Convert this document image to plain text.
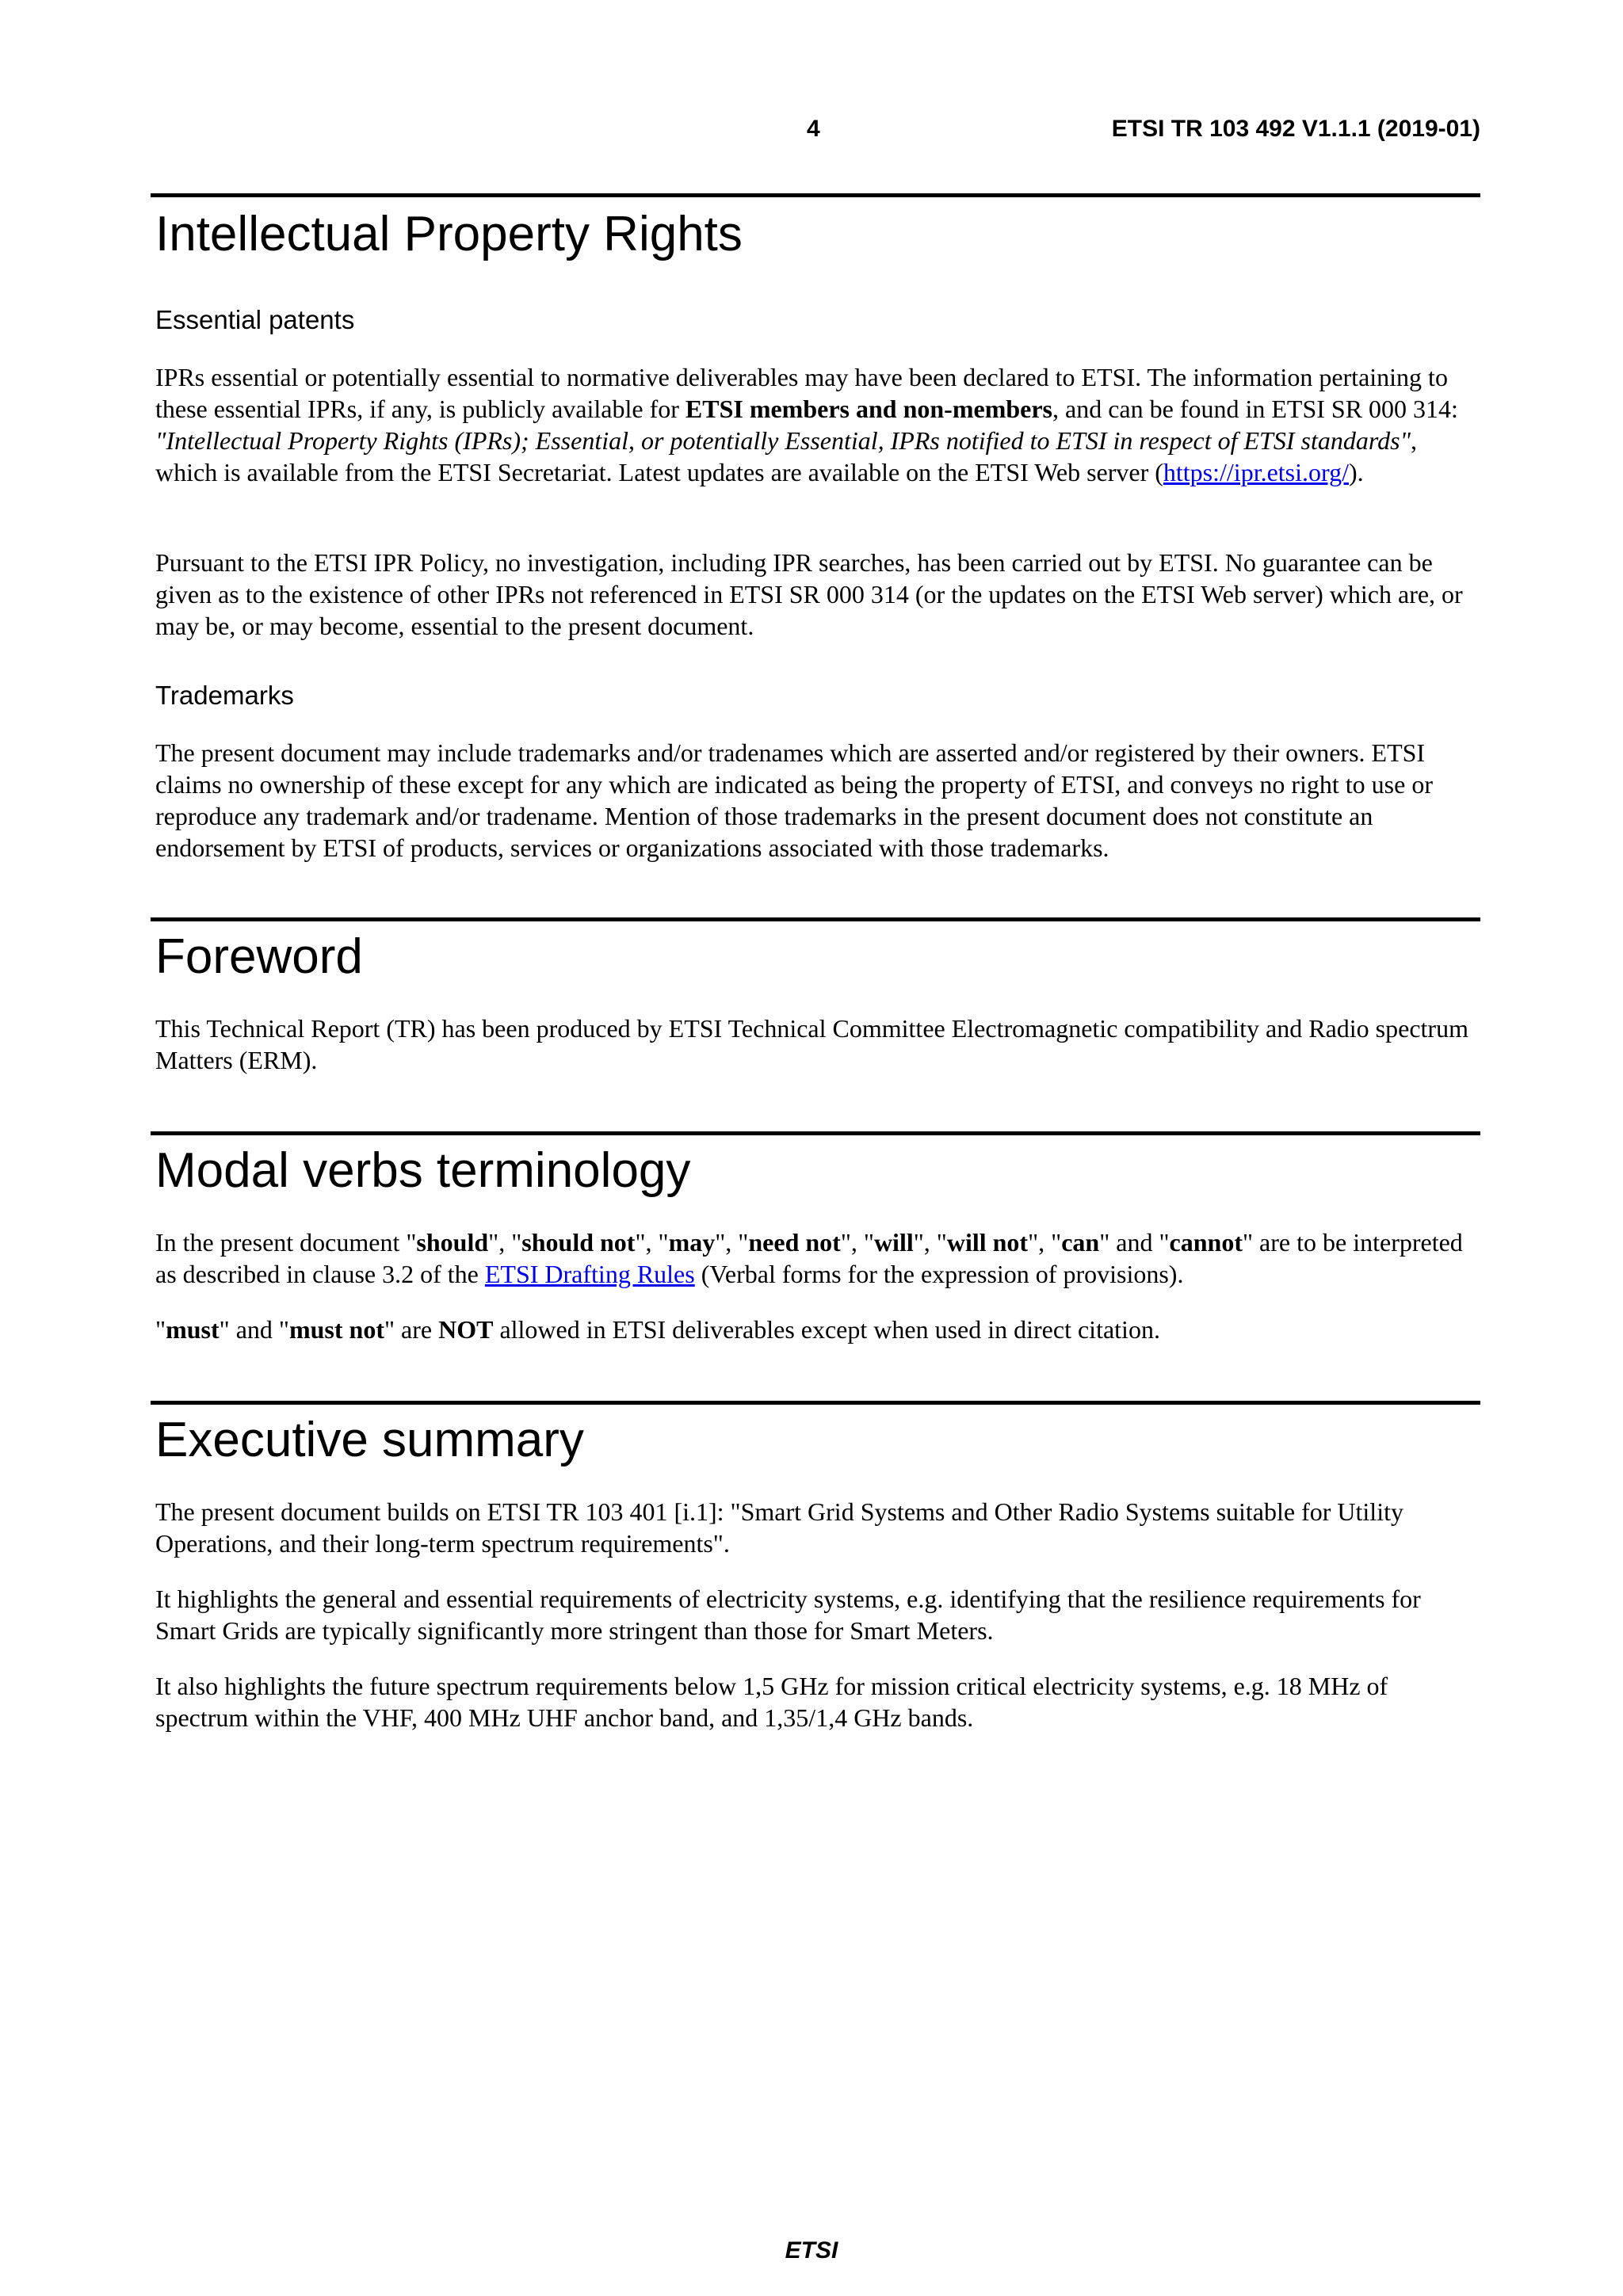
4	ETSI TR 103 492 V1.1.1 (2019-01)
Intellectual Property Rights
Essential patents

IPRs essential or potentially essential to normative deliverables may have been declared to ETSI. The information pertaining to these essential IPRs, if any, is publicly available for ETSI members and non-members, and can be found in ETSI SR 000 314: "Intellectual Property Rights (IPRs); Essential, or potentially Essential, IPRs notified to ETSI in respect of ETSI standards", which is available from the ETSI Secretariat. Latest updates are available on the ETSI Web server (https://ipr.etsi.org/).

Pursuant to the ETSI IPR Policy, no investigation, including IPR searches, has been carried out by ETSI. No guarantee can be given as to the existence of other IPRs not referenced in ETSI SR 000 314 (or the updates on the ETSI Web server) which are, or may be, or may become, essential to the present document.

Trademarks

The present document may include trademarks and/or tradenames which are asserted and/or registered by their owners. ETSI claims no ownership of these except for any which are indicated as being the property of ETSI, and conveys no right to use or reproduce any trademark and/or tradename. Mention of those trademarks in the present document does not constitute an endorsement by ETSI of products, services or organizations associated with those trademarks.

Foreword

This Technical Report (TR) has been produced by ETSI Technical Committee Electromagnetic compatibility and Radio spectrum Matters (ERM).

Modal verbs terminology

In the present document "should", "should not", "may", "need not", "will", "will not", "can" and "cannot" are to be interpreted as described in clause 3.2 of the ETSI Drafting Rules (Verbal forms for the expression of provisions).

"must" and "must not" are NOT allowed in ETSI deliverables except when used in direct citation.

Executive summary

The present document builds on ETSI TR 103 401 [i.1]: "Smart Grid Systems and Other Radio Systems suitable for Utility Operations, and their long-term spectrum requirements".

It highlights the general and essential requirements of electricity systems, e.g. identifying that the resilience requirements for Smart Grids are typically significantly more stringent than those for Smart Meters.

It also highlights the future spectrum requirements below 1,5 GHz for mission critical electricity systems, e.g. 18 MHz of spectrum within the VHF, 400 MHz UHF anchor band, and 1,35/1,4 GHz bands.

ETSI
